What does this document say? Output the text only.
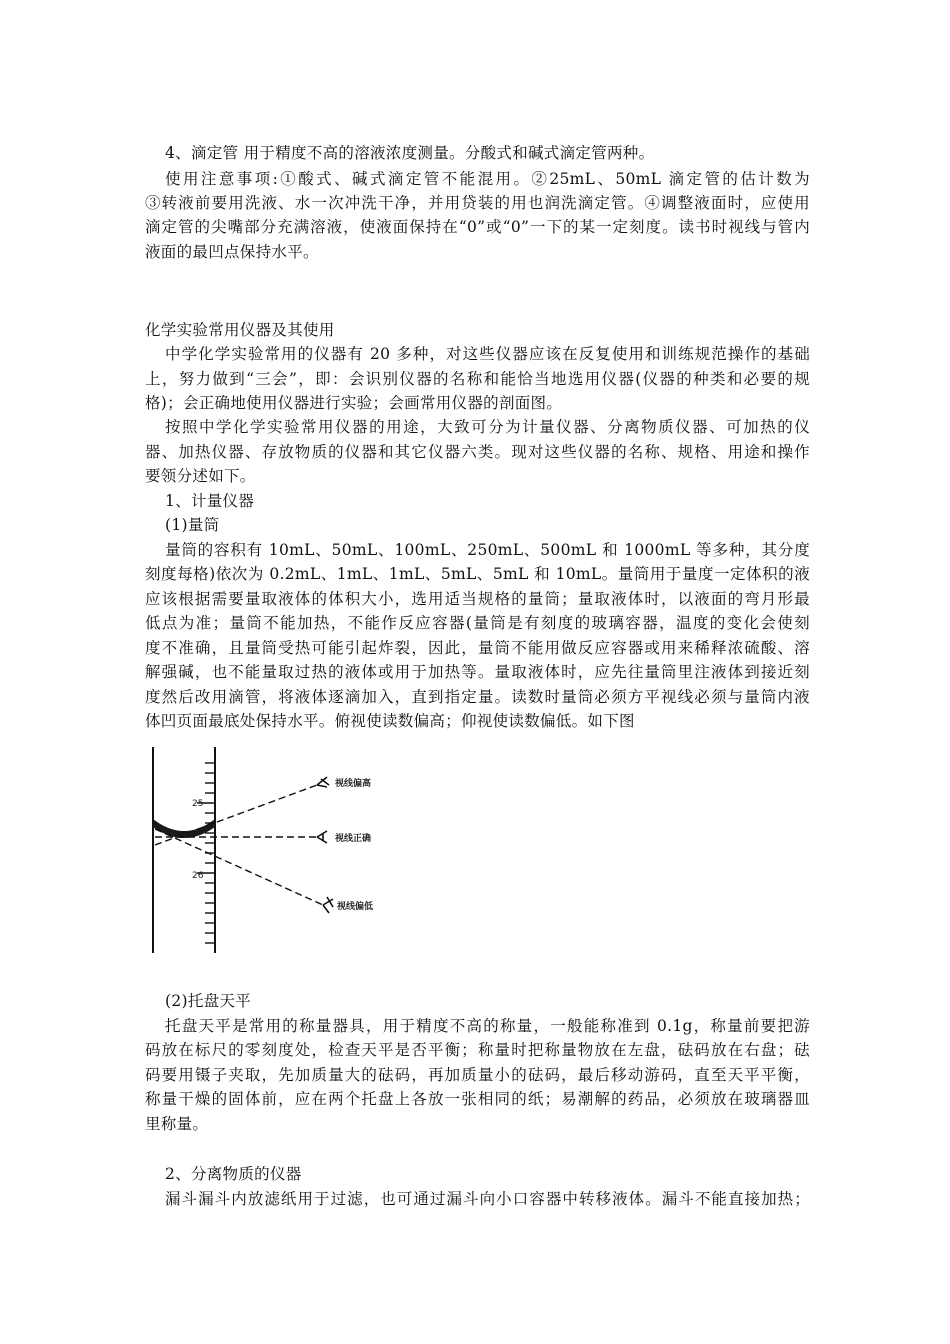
4、滴定管 用于精度不高的溶液浓度测量。分酸式和碱式滴定管两种。
使用注意事项:①酸式、碱式滴定管不能混用。②25mL、50mL 滴定管的估计数为
③转液前要用洗液、水一次冲洗干净，并用贷装的用也润洗滴定管。④调整液面时，应使用
滴定管的尖嘴部分充满溶液，使液面保持在“0”或“0”一下的某一定刻度。读书时视线与管内
液面的最凹点保持水平。
化学实验常用仪器及其使用
中学化学实验常用的仪器有 20 多种，对这些仪器应该在反复使用和训练规范操作的基础
上，努力做到“三会”，即：会识别仪器的名称和能恰当地选用仪器(仪器的种类和必要的规
格)；会正确地使用仪器进行实验；会画常用仪器的剖面图。
按照中学化学实验常用仪器的用途，大致可分为计量仪器、分离物质仪器、可加热的仪
器、加热仪器、存放物质的仪器和其它仪器六类。现对这些仪器的名称、规格、用途和操作
要领分述如下。
1、计量仪器
(1)量筒
量筒的容积有 10mL、50mL、100mL、250mL、500mL 和 1000mL 等多种，其分度
刻度每格)依次为 0.2mL、1mL、1mL、5mL、5mL 和 10mL。量筒用于量度一定体积的液
应该根据需要量取液体的体积大小，选用适当规格的量筒；量取液体时，以液面的弯月形最
低点为准；量筒不能加热，不能作反应容器(量筒是有刻度的玻璃容器，温度的变化会使刻
度不准确，且量筒受热可能引起炸裂，因此，量筒不能用做反应容器或用来稀释浓硫酸、溶
解强碱，也不能量取过热的液体或用于加热等。量取液体时，应先往量筒里注液体到接近刻
度然后改用滴管，将液体逐滴加入，直到指定量。读数时量筒必须方平视线必须与量筒内液
体凹页面最底处保持水平。俯视使读数偏高；仰视使读数偏低。如下图
25
26
视线偏高
视线正确
视线偏低
(2)托盘天平
托盘天平是常用的称量器具，用于精度不高的称量，一般能称准到 0.1g，称量前要把游
码放在标尺的零刻度处，检查天平是否平衡；称量时把称量物放在左盘，砝码放在右盘；砝
码要用镊子夹取，先加质量大的砝码，再加质量小的砝码，最后移动游码，直至天平平衡，
称量干燥的固体前，应在两个托盘上各放一张相同的纸；易潮解的药品，必须放在玻璃器皿
里称量。
2、分离物质的仪器
漏斗漏斗内放滤纸用于过滤，也可通过漏斗向小口容器中转移液体。漏斗不能直接加热；
